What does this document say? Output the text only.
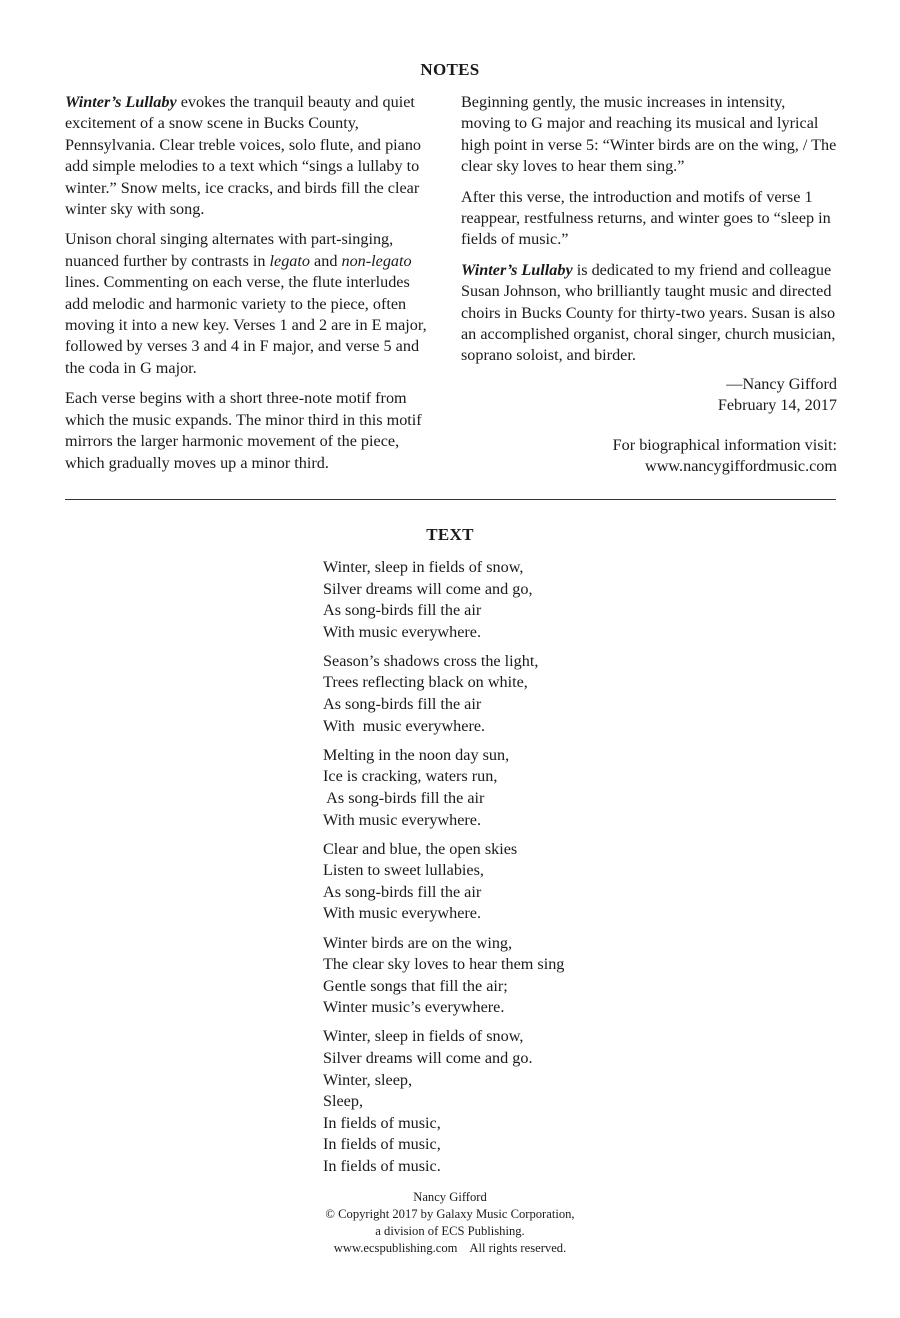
NOTES

Winter’s Lullaby evokes the tranquil beauty and quiet excitement of a snow scene in Bucks County, Pennsylvania. Clear treble voices, solo flute, and piano add simple melodies to a text which “sings a lullaby to winter.” Snow melts, ice cracks, and birds fill the clear winter sky with song.

Unison choral singing alternates with part-singing, nuanced further by contrasts in legato and non-legato lines. Commenting on each verse, the flute interludes add melodic and harmonic variety to the piece, often moving it into a new key. Verses 1 and 2 are in E major, followed by verses 3 and 4 in F major, and verse 5 and the coda in G major.

Each verse begins with a short three-note motif from which the music expands. The minor third in this motif mirrors the larger harmonic movement of the piece, which gradually moves up a minor third.

Beginning gently, the music increases in intensity, moving to G major and reaching its musical and lyrical high point in verse 5: “Winter birds are on the wing, / The clear sky loves to hear them sing.”

After this verse, the introduction and motifs of verse 1 reappear, restfulness returns, and winter goes to “sleep in fields of music.”

Winter’s Lullaby is dedicated to my friend and colleague Susan Johnson, who brilliantly taught music and directed choirs in Bucks County for thirty-two years. Susan is also an accomplished organist, choral singer, church musician, soprano soloist, and birder.

—Nancy Gifford
February 14, 2017

For biographical information visit:
www.nancygiffordmusic.com

TEXT
Winter, sleep in fields of snow,
Silver dreams will come and go,
As song-birds fill the air
With music everywhere.
Season’s shadows cross the light,
Trees reflecting black on white,
As song-birds fill the air
With  music everywhere.
Melting in the noon day sun,
Ice is cracking, waters run,
As song-birds fill the air
With music everywhere.
Clear and blue, the open skies
Listen to sweet lullabies,
As song-birds fill the air
With music everywhere.
Winter birds are on the wing,
The clear sky loves to hear them sing
Gentle songs that fill the air;
Winter music’s everywhere.
Winter, sleep in fields of snow,
Silver dreams will come and go.
Winter, sleep,
Sleep,
In fields of music,
In fields of music,
In fields of music.
Nancy Gifford
© Copyright 2017 by Galaxy Music Corporation,
a division of ECS Publishing.
www.ecspublishing.com    All rights reserved.
